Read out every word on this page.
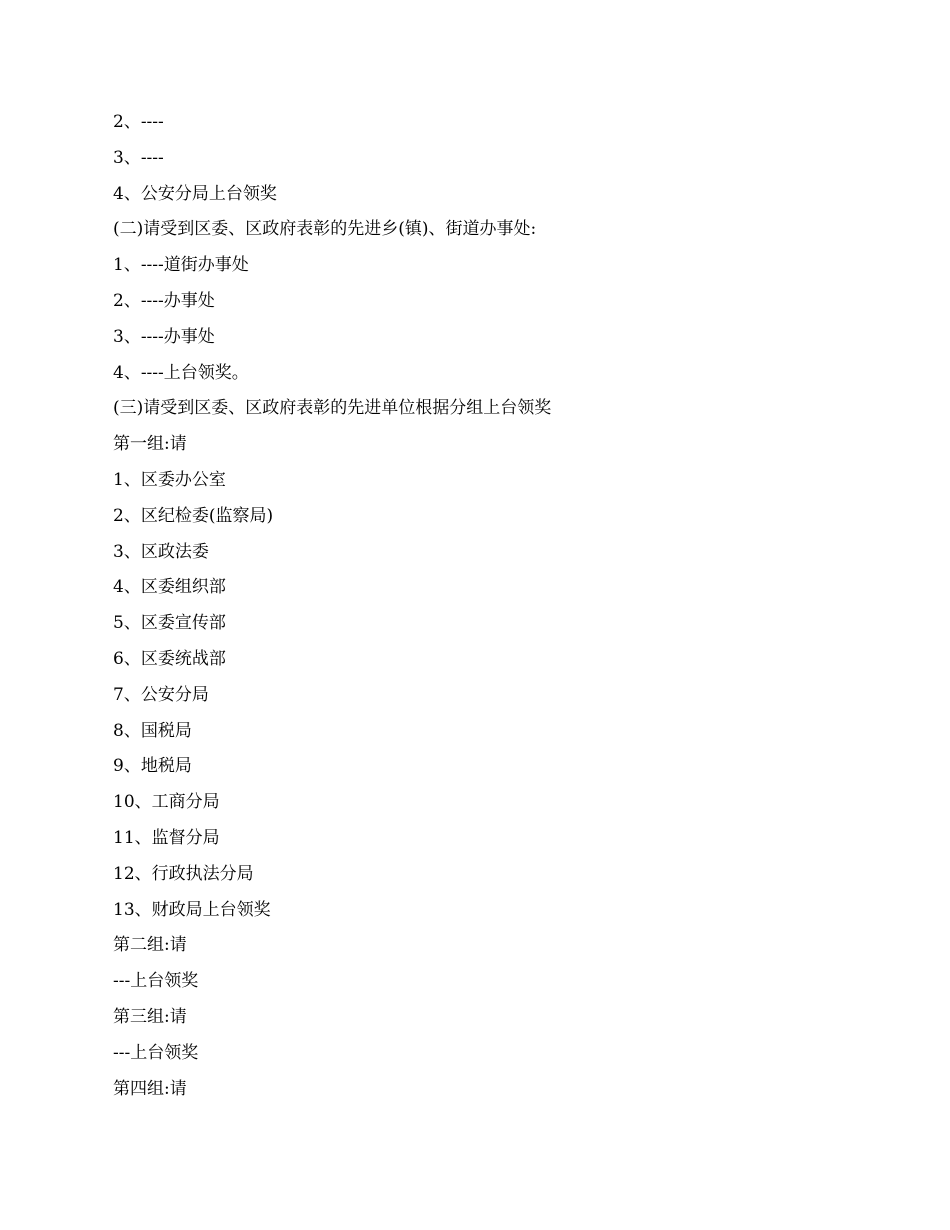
2、----
3、----
4、公安分局上台领奖
(二)请受到区委、区政府表彰的先进乡(镇)、街道办事处:
1、----道街办事处
2、----办事处
3、----办事处
4、----上台领奖。
(三)请受到区委、区政府表彰的先进单位根据分组上台领奖
第一组:请
1、区委办公室
2、区纪检委(监察局)
3、区政法委
4、区委组织部
5、区委宣传部
6、区委统战部
7、公安分局
8、国税局
9、地税局
10、工商分局
11、监督分局
12、行政执法分局
13、财政局上台领奖
第二组:请
---上台领奖
第三组:请
---上台领奖
第四组:请
